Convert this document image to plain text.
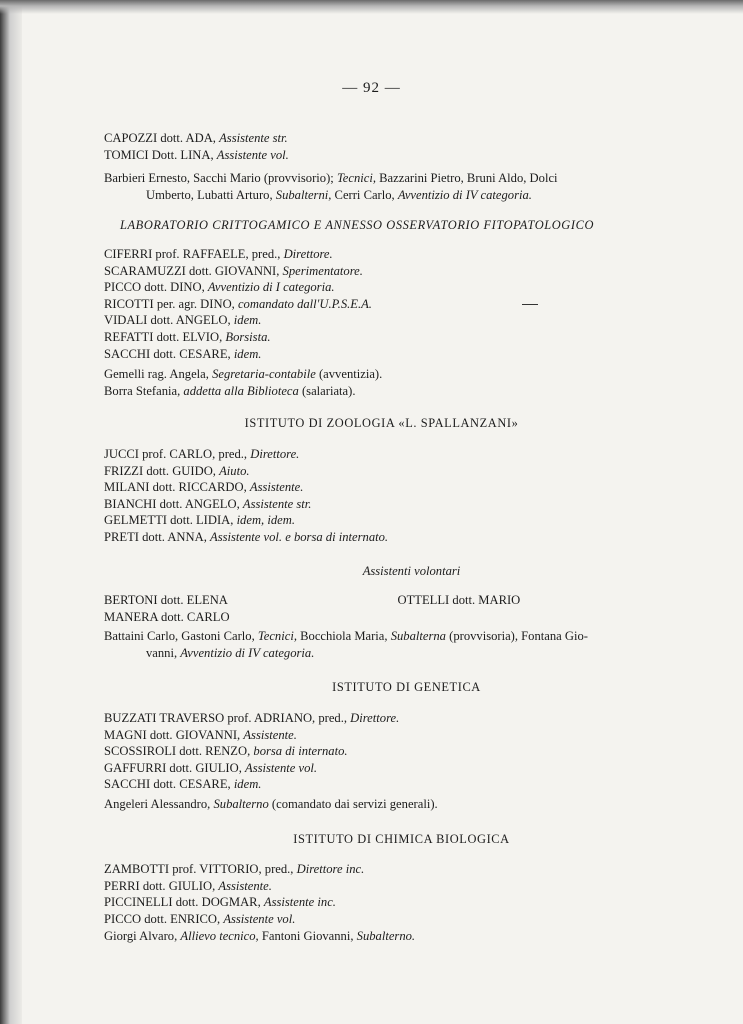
— 92 —
CAPOZZI dott. ADA, Assistente str.
TOMICI Dott. LINA, Assistente vol.
Barbieri Ernesto, Sacchi Mario (provvisorio); Tecnici, Bazzarini Pietro, Bruni Aldo, Dolci
Umberto, Lubatti Arturo, Subalterni, Cerri Carlo, Avventizio di IV categoria.
LABORATORIO CRITTOGAMICO E ANNESSO OSSERVATORIO FITOPATOLOGICO
CIFERRI prof. RAFFAELE, pred., Direttore.
SCARAMUZZI dott. GIOVANNI, Sperimentatore.
PICCO dott. DINO, Avventizio di I categoria.
RICOTTI per. agr. DINO, comandato dall'U.P.S.E.A.
VIDALI dott. ANGELO, idem.
REFATTI dott. ELVIO, Borsista.
SACCHI dott. CESARE, idem.
Gemelli rag. Angela, Segretaria-contabile (avventizia).
Borra Stefania, addetta alla Biblioteca (salariata).
ISTITUTO DI ZOOLOGIA «L. SPALLANZANI»
JUCCI prof. CARLO, pred., Direttore.
FRIZZI dott. GUIDO, Aiuto.
MILANI dott. RICCARDO, Assistente.
BIANCHI dott. ANGELO, Assistente str.
GELMETTI dott. LIDIA, idem, idem.
PRETI dott. ANNA, Assistente vol. e borsa di internato.
Assistenti volontari
BERTONI dott. ELENA
MANERA dott. CARLO
OTTELLI dott. MARIO
Battaini Carlo, Gastoni Carlo, Tecnici, Bocchiola Maria, Subalterna (provvisoria), Fontana Gio-
vanni, Avventizio di IV categoria.
ISTITUTO DI GENETICA
BUZZATI TRAVERSO prof. ADRIANO, pred., Direttore.
MAGNI dott. GIOVANNI, Assistente.
SCOSSIROLI dott. RENZO, borsa di internato.
GAFFURRI dott. GIULIO, Assistente vol.
SACCHI dott. CESARE, idem.
Angeleri Alessandro, Subalterno (comandato dai servizi generali).
ISTITUTO DI CHIMICA BIOLOGICA
ZAMBOTTI prof. VITTORIO, pred., Direttore inc.
PERRI dott. GIULIO, Assistente.
PICCINELLI dott. DOGMAR, Assistente inc.
PICCO dott. ENRICO, Assistente vol.
Giorgi Alvaro, Allievo tecnico, Fantoni Giovanni, Subalterno.
